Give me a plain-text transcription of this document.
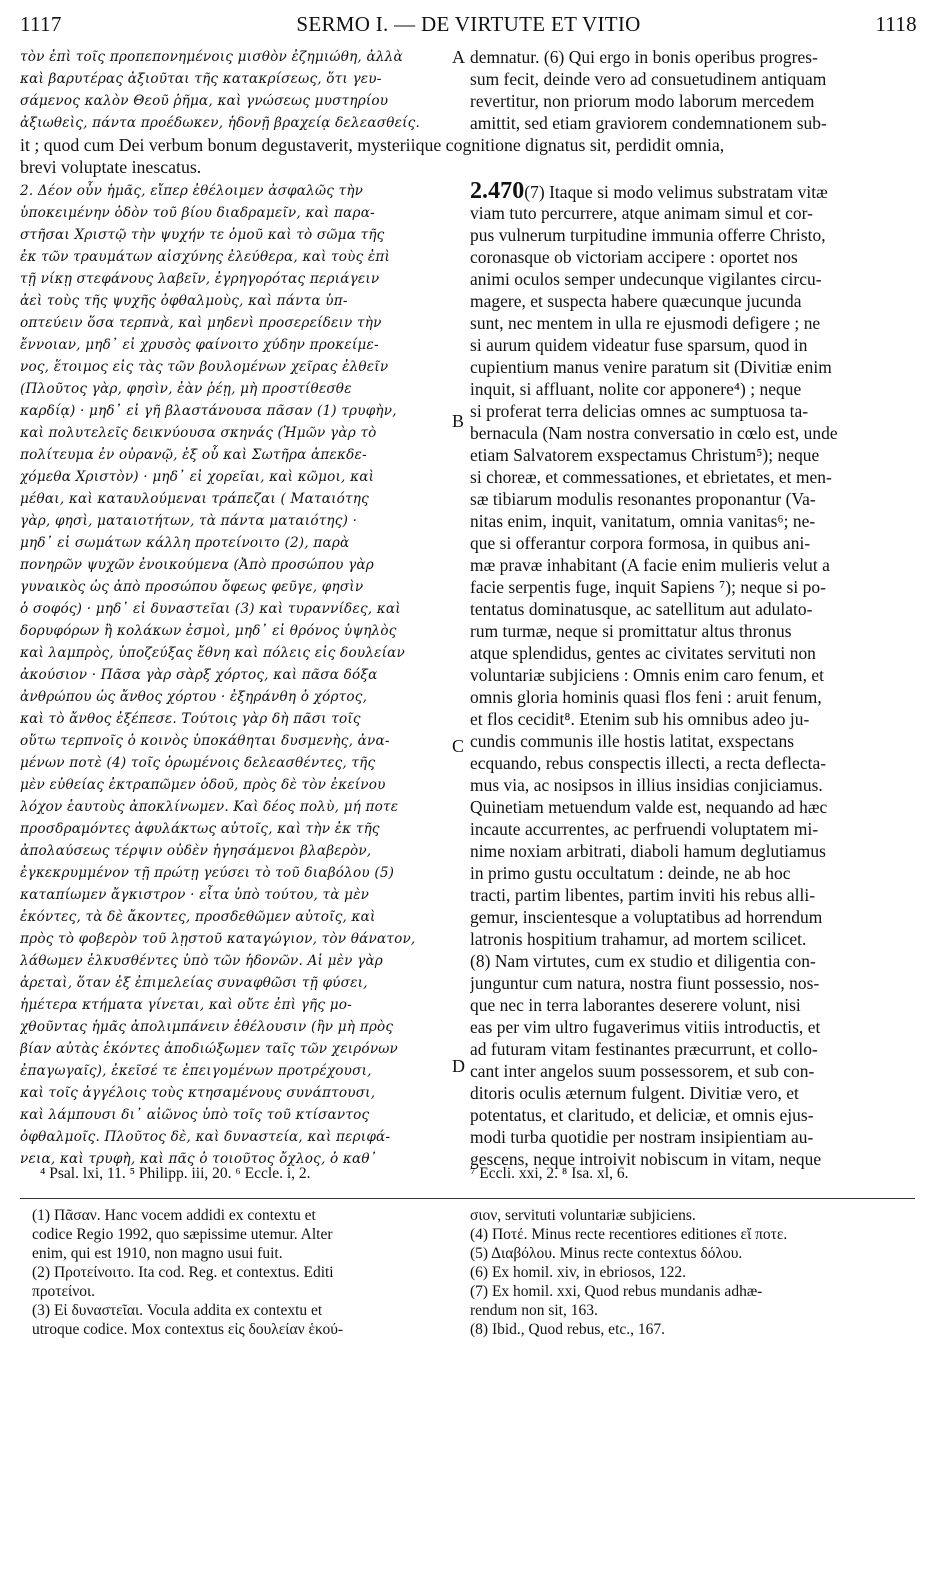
1117	SERMO I. — DE VIRTUTE ET VITIO	1118
τὸν ἐπὶ τοῖς προπεπονημένοις μισθὸν ἐζημιώθη, ἀλλὰ
καὶ βαρυτέρας ἀξιοῦται τῆς κατακρίσεως, ὅτι γευ-
σάμενος καλὸν Θεοῦ ῥῆμα, καὶ γνώσεως μυστηρίου
ἀξιωθεὶς, πάντα προέδωκεν, ἡδονῇ βραχείᾳ δελεασθείς.
demnatur. (6) Qui ergo in bonis operibus progres-
sum fecit, deinde vero ad consuetudinem antiquam
revertitur, non priorum modo laborum mercedem
amittit, sed etiam graviorem condemnationem sub-
it ; quod cum Dei verbum bonum degustaverit, mysteriique cognitione dignatus sit, perdidit omnia,
brevi voluptate inescatus.
A
B
C
D
2. Δέον οὖν ἡμᾶς, εἴπερ ἐθέλοιμεν ἀσφαλῶς τὴν
ὑποκειμένην ὁδὸν τοῦ βίου διαδραμεῖν, καὶ παρα-
στῆσαι Χριστῷ τὴν ψυχήν τε ὁμοῦ καὶ τὸ σῶμα τῆς
ἐκ τῶν τραυμάτων αἰσχύνης ἐλεύθερα, καὶ τοὺς ἐπὶ
τῇ νίκῃ στεφάνους λαβεῖν, ἐγρηγορότας περιάγειν
ἀεὶ τοὺς τῆς ψυχῆς ὀφθαλμοὺς, καὶ πάντα ὑπ-
οπτεύειν ὅσα τερπνὰ, καὶ μηδενὶ προσερείδειν τὴν
ἔννοιαν, μηδ᾽ εἰ χρυσὸς φαίνοιτο χύδην προκείμε-
νος, ἕτοιμος εἰς τὰς τῶν βουλομένων χεῖρας ἐλθεῖν
(Πλοῦτος γὰρ, φησὶν, ἐὰν ῥέῃ, μὴ προστίθεσθε
καρδίᾳ) · μηδ᾽ εἰ γῆ βλαστάνουσα πᾶσαν (1) τρυφὴν,
καὶ πολυτελεῖς δεικνύουσα σκηνάς (Ἡμῶν γὰρ τὸ
πολίτευμα ἐν οὐρανῷ, ἐξ οὗ καὶ Σωτῆρα ἀπεκδε-
χόμεθα Χριστὸν) · μηδ᾽ εἰ χορεῖαι, καὶ κῶμοι, καὶ
μέθαι, καὶ καταυλούμεναι τράπεζαι ( Ματαιότης
γὰρ, φησὶ, ματαιοτήτων, τὰ πάντα ματαιότης) ·
μηδ᾽ εἰ σωμάτων κάλλη προτείνοιτο (2), παρὰ
πονηρῶν ψυχῶν ἐνοικούμενα (Ἀπὸ προσώπου γὰρ
γυναικὸς ὡς ἀπὸ προσώπου ὄφεως φεῦγε, φησὶν
ὁ σοφός) · μηδ᾽ εἰ δυναστεῖαι (3) καὶ τυραννίδες, καὶ
δορυφόρων ἢ κολάκων ἐσμοὶ, μηδ᾽ εἰ θρόνος ὑψηλὸς
καὶ λαμπρὸς, ὑποζεύξας ἔθνη καὶ πόλεις εἰς δουλείαν
ἀκούσιον · Πᾶσα γὰρ σὰρξ χόρτος, καὶ πᾶσα δόξα
ἀνθρώπου ὡς ἄνθος χόρτου · ἐξηράνθη ὁ χόρτος,
καὶ τὸ ἄνθος ἐξέπεσε. Τούτοις γὰρ δὴ πᾶσι τοῖς
οὕτω τερπνοῖς ὁ κοινὸς ὑποκάθηται δυσμενὴς, ἀνα-
μένων ποτὲ (4) τοῖς ὁρωμένοις δελεασθέντες, τῆς
μὲν εὐθείας ἐκτραπῶμεν ὁδοῦ, πρὸς δὲ τὸν ἐκείνου
λόχον ἑαυτοὺς ἀποκλίνωμεν. Καὶ δέος πολὺ, μή ποτε
προσδραμόντες ἀφυλάκτως αὐτοῖς, καὶ τὴν ἐκ τῆς
ἀπολαύσεως τέρψιν οὐδὲν ἡγησάμενοι βλαβερὸν,
ἐγκεκρυμμένον τῇ πρώτῃ γεύσει τὸ τοῦ διαβόλου (5)
καταπίωμεν ἄγκιστρον · εἶτα ὑπὸ τούτου, τὰ μὲν
ἑκόντες, τὰ δὲ ἄκοντες, προσδεθῶμεν αὐτοῖς, καὶ
πρὸς τὸ φοβερὸν τοῦ λῃστοῦ καταγώγιον, τὸν θάνατον,
λάθωμεν ἑλκυσθέντες ὑπὸ τῶν ἡδονῶν. Αἱ μὲν γὰρ
ἀρεταὶ, ὅταν ἐξ ἐπιμελείας συναφθῶσι τῇ φύσει,
ἡμέτερα κτήματα γίνεται, καὶ οὔτε ἐπὶ γῆς μο-
χθοῦντας ἡμᾶς ἀπολιμπάνειν ἐθέλουσιν (ἢν μὴ πρὸς
βίαν αὐτὰς ἑκόντες ἀποδιώξωμεν ταῖς τῶν χειρόνων
ἐπαγωγαῖς), ἐκεῖσέ τε ἐπειγομένων προτρέχουσι,
καὶ τοῖς ἀγγέλοις τοὺς κτησαμένους συνάπτουσι,
καὶ λάμπουσι δι᾽ αἰῶνος ὑπὸ τοῖς τοῦ κτίσαντος
ὀφθαλμοῖς. Πλοῦτος δὲ, καὶ δυναστεία, καὶ περιφά-
νεια, καὶ τρυφὴ, καὶ πᾶς ὁ τοιοῦτος ὄχλος, ὁ καθ᾽
2.470(7) Itaque si modo velimus substratam vitæ
viam tuto percurrere, atque animam simul et cor-
pus vulnerum turpitudine immunia offerre Christo,
coronasque ob victoriam accipere : oportet nos
animi oculos semper undecunque vigilantes circu-
magere, et suspecta habere quæcunque jucunda
sunt, nec mentem in ulla re ejusmodi defigere ; ne
si aurum quidem videatur fuse sparsum, quod in
cupientium manus venire paratum sit (Divitiæ enim
inquit, si affluant, nolite cor apponere⁴) ; neque
si proferat terra delicias omnes ac sumptuosa ta-
bernacula (Nam nostra conversatio in cœlo est, unde
etiam Salvatorem exspectamus Christum⁵); neque
si choreæ, et commessationes, et ebrietates, et men-
sæ tibiarum modulis resonantes proponantur (Va-
nitas enim, inquit, vanitatum, omnia vanitas⁶; ne-
que si offerantur corpora formosa, in quibus ani-
mæ pravæ inhabitant (A facie enim mulieris velut a
facie serpentis fuge, inquit Sapiens ⁷); neque si po-
tentatus dominatusque, ac satellitum aut adulato-
rum turmæ, neque si promittatur altus thronus
atque splendidus, gentes ac civitates servituti non
voluntariæ subjiciens : Omnis enim caro fenum, et
omnis gloria hominis quasi flos feni : aruit fenum,
et flos cecidit⁸. Etenim sub his omnibus adeo ju-
cundis communis ille hostis latitat, exspectans
ecquando, rebus conspectis illecti, a recta deflecta-
mus via, ac nosipsos in illius insidias conjiciamus.
Quinetiam metuendum valde est, nequando ad hæc
incaute accurrentes, ac perfruendi voluptatem mi-
nime noxiam arbitrati, diaboli hamum deglutiamus
in primo gustu occultatum : deinde, ne ab hoc
tracti, partim libentes, partim inviti his rebus alli-
gemur, inscientesque a voluptatibus ad horrendum
latronis hospitium trahamur, ad mortem scilicet.
(8) Nam virtutes, cum ex studio et diligentia con-
junguntur cum natura, nostra fiunt possessio, nos-
que nec in terra laborantes deserere volunt, nisi
eas per vim ultro fugaverimus vitiis introductis, et
ad futuram vitam festinantes præcurrunt, et collo-
cant inter angelos suum possessorem, et sub con-
ditoris oculis æternum fulgent. Divitiæ vero, et
potentatus, et claritudo, et deliciæ, et omnis ejus-
modi turba quotidie per nostram insipientiam au-
gescens, neque introivit nobiscum in vitam, neque
⁴ Psal. lxi, 11. ⁵ Philipp. iii, 20. ⁶ Eccle. i, 2.	⁷ Eccli. xxi, 2. ⁸ Isa. xl, 6.
(1) Πᾶσαν. Hanc vocem addidi ex contextu et
codice Regio 1992, quo sæpissime utemur. Alter
enim, qui est 1910, non magno usui fuit.
(2) Προτείνοιτο. Ita cod. Reg. et contextus. Editi
προτείνοι.
(3) Εἰ δυναστεῖαι. Vocula addita ex contextu et
utroque codice. Mox contextus εἰς δουλείαν ἑκού-
σιον, servituti voluntariæ subjiciens.
(4) Ποτέ. Minus recte recentiores editiones εἴ ποτε.
(5) Διαβόλου. Minus recte contextus δόλου.
(6) Ex homil. xiv, in ebriosos, 122.
(7) Ex homil. xxi, Quod rebus mundanis adhæ-
rendum non sit, 163.
(8) Ibid., Quod rebus, etc., 167.
